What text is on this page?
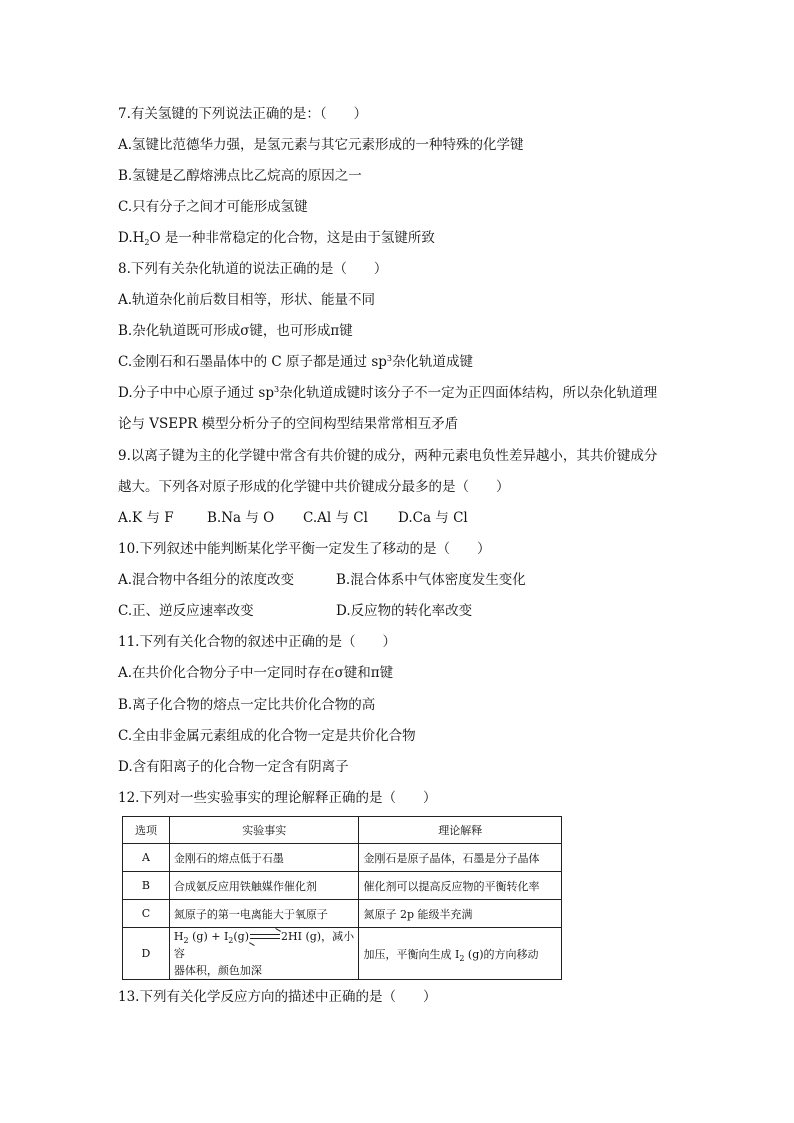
7.有关氢键的下列说法正确的是：（　　）
A.氢键比范德华力强，是氢元素与其它元素形成的一种特殊的化学键
B.氢键是乙醇熔沸点比乙烷高的原因之一
C.只有分子之间才可能形成氢键
$D.H_2O$ 是一种非常稳定的化合物，这是由于氢键所致
8.下列有关杂化轨道的说法正确的是（　　）
A.轨道杂化前后数目相等，形状、能量不同
B.杂化轨道既可形成σ键，也可形成π键
C.金刚石和石墨晶体中的 C 原子都是通过 $sp^3$杂化轨道成键
D.分子中中心原子通过 $sp^3$杂化轨道成键时该分子不一定为正四面体结构，所以杂化轨道理
论与 VSEPR 模型分析分子的空间构型结果常常相互矛盾
9.以离子键为主的化学键中常含有共价键的成分，两种元素电负性差异越小，其共价键成分
越大。下列各对原子形成的化学键中共价键成分最多的是（　　）
A.K 与 F B.Na 与 O C.Al 与 Cl D.Ca 与 Cl
10.下列叙述中能判断某化学平衡一定发生了移动的是（　　）
A.混合物中各组分的浓度改变	B.混合体系中气体密度发生变化
C.正、逆反应速率改变	D.反应物的转化率改变
11.下列有关化合物的叙述中正确的是（　　）
A.在共价化合物分子中一定同时存在σ键和π键
B.离子化合物的熔点一定比共价化合物的高
C.全由非金属元素组成的化合物一定是共价化合物
D.含有阳离子的化合物一定含有阴离子
12.下列对一些实验事实的理论解释正确的是（　　）
选项	实验事实	理论解释
A	金刚石的熔点低于石墨	金刚石是原子晶体，石墨是分子晶体
B	合成氨反应用铁触媒作催化剂	催化剂可以提高反应物的平衡转化率
C	氮原子的第一电离能大于氧原子	氮原子 2p 能级半充满
D	$H_2$ $(g) + I_2(g)\to 2HI$ (g)，减小容
器体积，颜色加深	加压，平衡向生成 $I_2$ (g)的方向移动
13.下列有关化学反应方向的描述中正确的是（　　）
